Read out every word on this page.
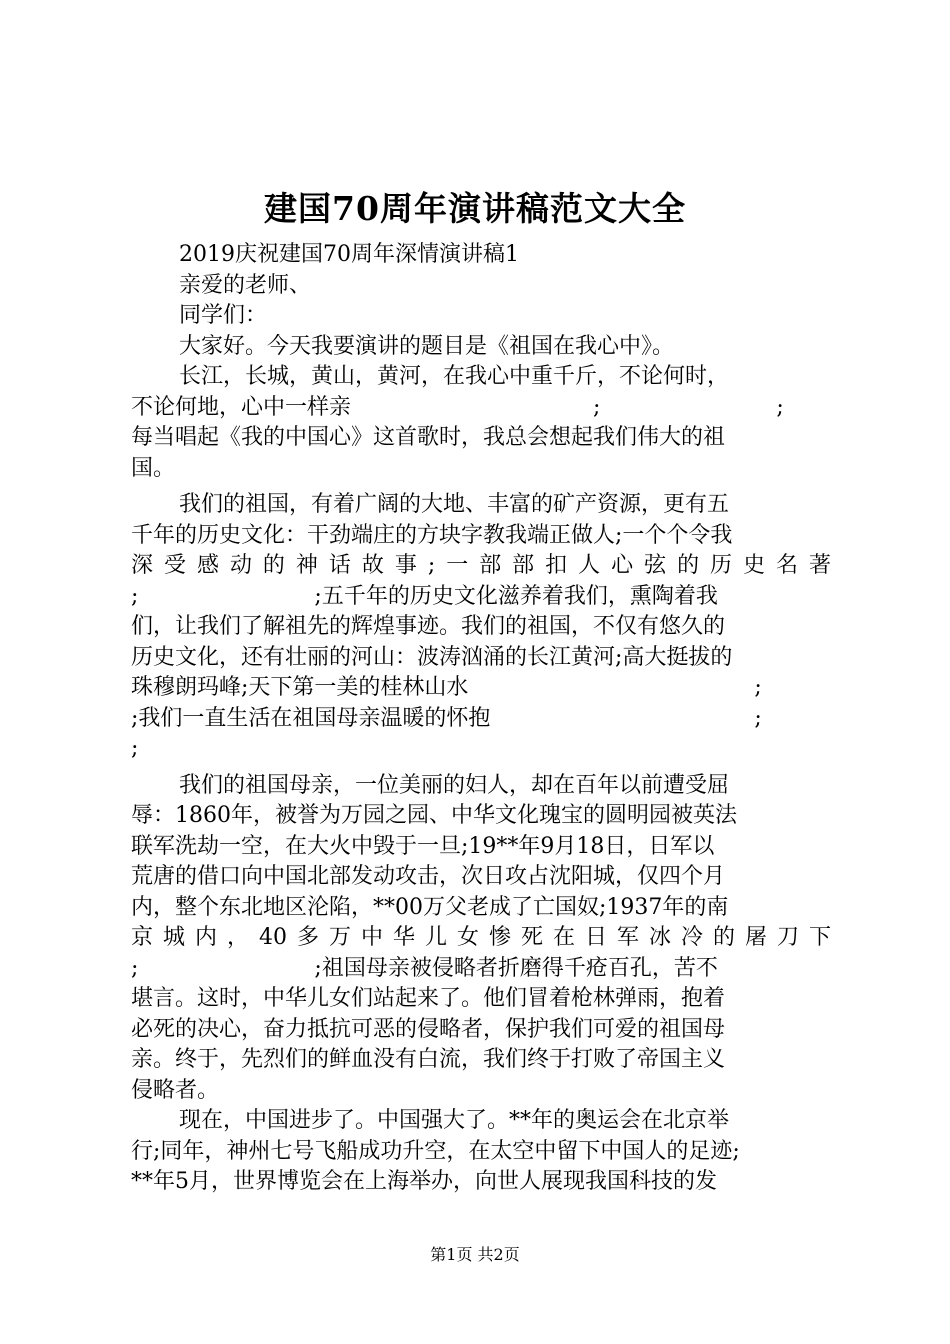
建国70周年演讲稿范文大全
2019庆祝建国70周年深情演讲稿1
亲爱的老师、
同学们：
大家好。今天我要演讲的题目是《祖国在我心中》。
长江，长城，黄山，黄河，在我心中重千斤，不论何时，
不论何地，心中一样亲　　　　　　　　　　　;　　　　　　　　;
每当唱起《我的中国心》这首歌时，我总会想起我们伟大的祖
国。
我们的祖国，有着广阔的大地、丰富的矿产资源，更有五
千年的历史文化：干劲端庄的方块字教我端正做人;一个个令我
深受感动的神话故事;一部部扣人心弦的历史名著
;　　　　　　　　;五千年的历史文化滋养着我们，熏陶着我
们，让我们了解祖先的辉煌事迹。我们的祖国，不仅有悠久的
历史文化，还有壮丽的河山：波涛汹涌的长江黄河;高大挺拔的
珠穆朗玛峰;天下第一美的桂林山水　　　　　　　　　　　　　;
;我们一直生活在祖国母亲温暖的怀抱　　　　　　　　　　　　;
;
我们的祖国母亲，一位美丽的妇人，却在百年以前遭受屈
辱：1860年，被誉为万园之园、中华文化瑰宝的圆明园被英法
联军洗劫一空，在大火中毁于一旦;19**年9月18日，日军以
荒唐的借口向中国北部发动攻击，次日攻占沈阳城，仅四个月
内，整个东北地区沦陷，**00万父老成了亡国奴;1937年的南
京城内，40多万中华儿女惨死在日军冰冷的屠刀下
;　　　　　　　　;祖国母亲被侵略者折磨得千疮百孔，苦不
堪言。这时，中华儿女们站起来了。他们冒着枪林弹雨，抱着
必死的决心，奋力抵抗可恶的侵略者，保护我们可爱的祖国母
亲。终于，先烈们的鲜血没有白流，我们终于打败了帝国主义
侵略者。
现在，中国进步了。中国强大了。**年的奥运会在北京举
行;同年，神州七号飞船成功升空，在太空中留下中国人的足迹;
**年5月，世界博览会在上海举办，向世人展现我国科技的发
第1页 共2页
